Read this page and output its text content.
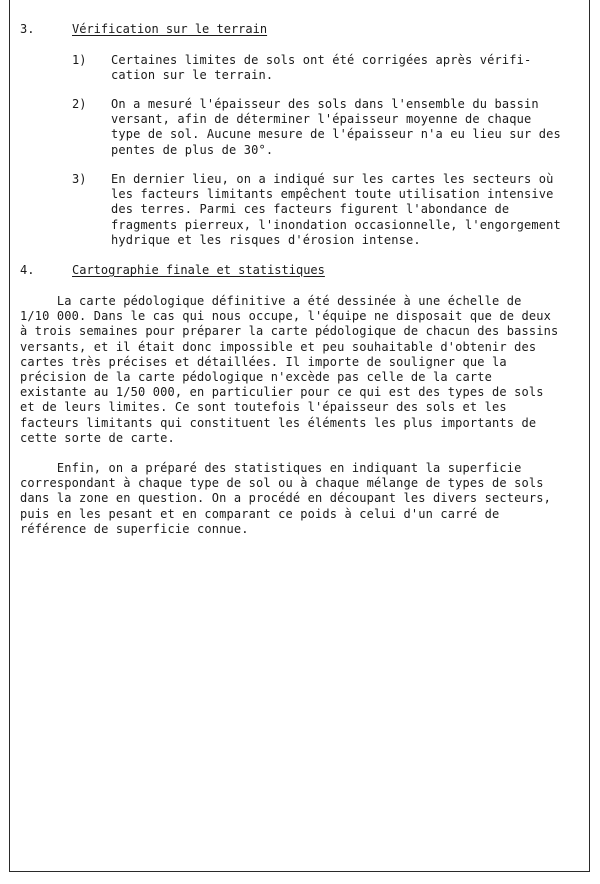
3.	Vérification sur le terrain
1) Certaines limites de sols ont été corrigées après vérifi-
cation sur le terrain.
2) On a mesuré l'épaisseur des sols dans l'ensemble du bassin
versant, afin de déterminer l'épaisseur moyenne de chaque
type de sol. Aucune mesure de l'épaisseur n'a eu lieu sur des
pentes de plus de 30°.
3) En dernier lieu, on a indiqué sur les cartes les secteurs où
les facteurs limitants empêchent toute utilisation intensive
des terres. Parmi ces facteurs figurent l'abondance de
fragments pierreux, l'inondation occasionnelle, l'engorgement
hydrique et les risques d'érosion intense.
4.	Cartographie finale et statistiques
La carte pédologique définitive a été dessinée à une échelle de
1/10 000. Dans le cas qui nous occupe, l'équipe ne disposait que de deux
à trois semaines pour préparer la carte pédologique de chacun des bassins
versants, et il était donc impossible et peu souhaitable d'obtenir des
cartes très précises et détaillées. Il importe de souligner que la
précision de la carte pédologique n'excède pas celle de la carte
existante au 1/50 000, en particulier pour ce qui est des types de sols
et de leurs limites. Ce sont toutefois l'épaisseur des sols et les
facteurs limitants qui constituent les éléments les plus importants de
cette sorte de carte.
Enfin, on a préparé des statistiques en indiquant la superficie
correspondant à chaque type de sol ou à chaque mélange de types de sols
dans la zone en question. On a procédé en découpant les divers secteurs,
puis en les pesant et en comparant ce poids à celui d'un carré de
référence de superficie connue.
